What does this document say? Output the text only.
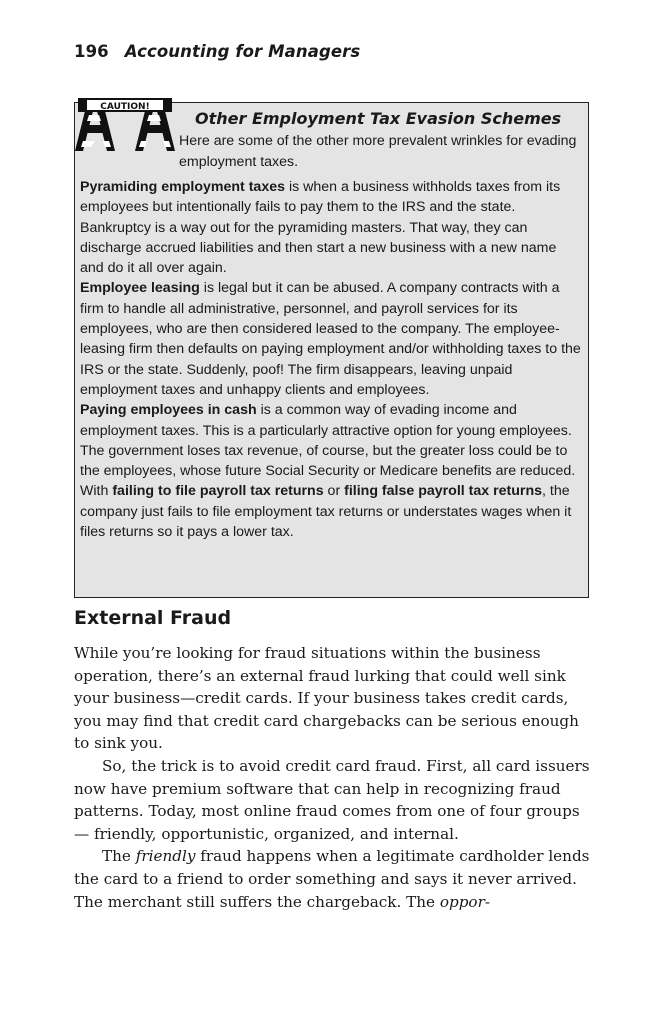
196 Accounting for Managers
CAUTION!
Other Employment Tax Evasion Schemes
Here are some of the other more prevalent wrinkles for evading employment taxes.

Pyramiding employment taxes is when a business withholds taxes from its employees but intentionally fails to pay them to the IRS and the state. Bankruptcy is a way out for the pyramiding masters. That way, they can discharge accrued liabilities and then start a new business with a new name and do it all over again.

Employee leasing is legal but it can be abused. A company contracts with a firm to handle all administrative, personnel, and payroll services for its employees, who are then considered leased to the company. The employee-leasing firm then defaults on paying employment and/or withholding taxes to the IRS or the state. Suddenly, poof! The firm disappears, leaving unpaid employment taxes and unhappy clients and employees.

Paying employees in cash is a common way of evading income and employment taxes. This is a particularly attractive option for young employees. The government loses tax revenue, of course, but the greater loss could be to the employees, whose future Social Security or Medicare benefits are reduced.

With failing to file payroll tax returns or filing false payroll tax returns, the company just fails to file employment tax returns or understates wages when it files returns so it pays a lower tax.

External Fraud

While you’re looking for fraud situations within the business operation, there’s an external fraud lurking that could well sink your business—credit cards. If your business takes credit cards, you may find that credit card chargebacks can be serious enough to sink you.

So, the trick is to avoid credit card fraud. First, all card issuers now have premium software that can help in recognizing fraud patterns. Today, most online fraud comes from one of four groups— friendly, opportunistic, organized, and internal.

The friendly fraud happens when a legitimate cardholder lends the card to a friend to order something and says it never arrived. The merchant still suffers the chargeback. The oppor-
